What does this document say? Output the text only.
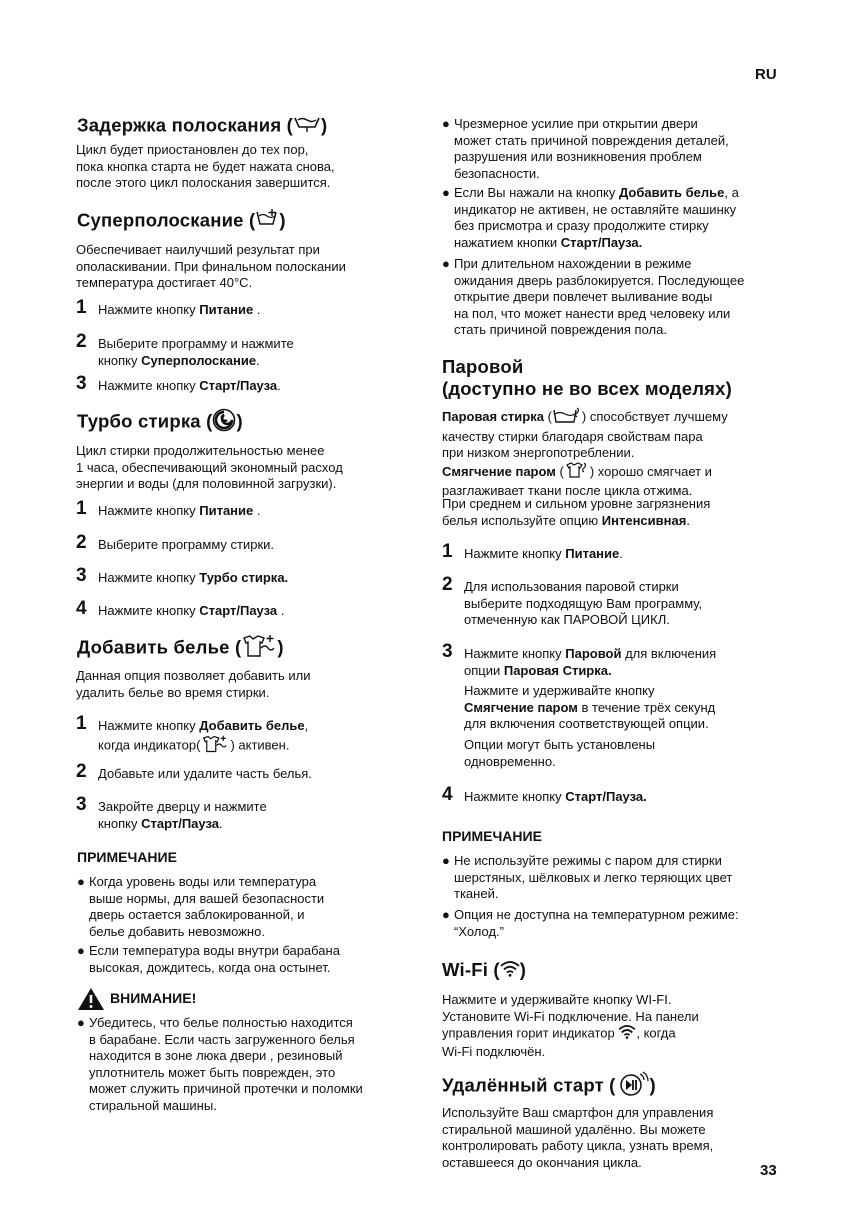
RU
Задержка полоскания ( )
Цикл будет приостановлен до тех пор,
пока кнопка старта не будет нажата снова,
после этого цикл полоскания завершится.
Суперполоскание ( )
Обеспечивает наилучший результат при
ополаскивании. При финальном полоскании
температура достигает 40°C.
1 Нажмите кнопку Питание .
2 Выберите программу и нажмите
кнопку Суперполоскание.
3 Нажмите кнопку Старт/Пауза.
Турбо стирка ( )
Цикл стирки продолжительностью менее
1 часа, обеспечивающий экономный расход
энергии и воды (для половинной загрузки).
1 Нажмите кнопку Питание .
2 Выберите программу стирки.
3 Нажмите кнопку Турбо стирка.
4 Нажмите кнопку Старт/Пауза .
Добавить белье ( )
Данная опция позволяет добавить или
удалить белье во время стирки.
1 Нажмите кнопку Добавить белье,
когда индикатор( ) активен.
2 Добавьте или удалите часть белья.
3 Закройте дверцу и нажмите
кнопку Старт/Пауза.
ПРИМЕЧАНИЕ
● Когда уровень воды или температура
выше нормы, для вашей безопасности
дверь остается заблокированной, и
белье добавить невозможно.
● Если температура воды внутри барабана
высокая, дождитесь, когда она остынет.
ВНИМАНИЕ!
● Убедитесь, что белье полностью находится
в барабане. Если часть загруженного белья
находится в зоне люка двери , резиновый
уплотнитель может быть поврежден, это
может служить причиной протечки и поломки
стиральной машины.
● Чрезмерное усилие при открытии двери
может стать причиной повреждения деталей,
разрушения или возникновения проблем
безопасности.
● Если Вы нажали на кнопку Добавить белье, а
индикатор не активен, не оставляйте машинку
без присмотра и сразу продолжите стирку
нажатием кнопки Старт/Пауза.
● При длительном нахождении в режиме
ожидания дверь разблокируется. Последующее
открытие двери повлечет выливание воды
на пол, что может нанести вред человеку или
стать причиной повреждения пола.
Паровой
(доступно не во всех моделях)
Паровая стирка ( ) способствует лучшему
качеству стирки благодаря свойствам пара
при низком энергопотреблении.
Смягчение паром ( ) хорошо смягчает и
разглаживает ткани после цикла отжима.
При среднем и сильном уровне загрязнения
белья используйте опцию Интенсивная.
1 Нажмите кнопку Питание.
2 Для использования паровой стирки
выберите подходящую Вам программу,
отмеченную как ПАРОВОЙ ЦИКЛ.
3 Нажмите кнопку Паровой для включения
опции Паровая Стирка.
Нажмите и удерживайте кнопку
Смягчение паром в течение трёх секунд
для включения соответствующей опции.
Опции могут быть установлены
одновременно.
4 Нажмите кнопку Старт/Пауза.
ПРИМЕЧАНИЕ
● Не используйте режимы с паром для стирки
шерстяных, шёлковых и легко теряющих цвет
тканей.
● Опция не доступна на температурном режиме:
“Холод.”
Wi-Fi ( )
Нажмите и удерживайте кнопку WI-FI.
Установите Wi-Fi подключение. На панели
управления горит индикатор , когда
Wi-Fi подключён.
Удалённый старт ( )
Используйте Ваш смартфон для управления
стиральной машиной удалённо. Вы можете
контролировать работу цикла, узнать время,
оставшееся до окончания цикла.	33
